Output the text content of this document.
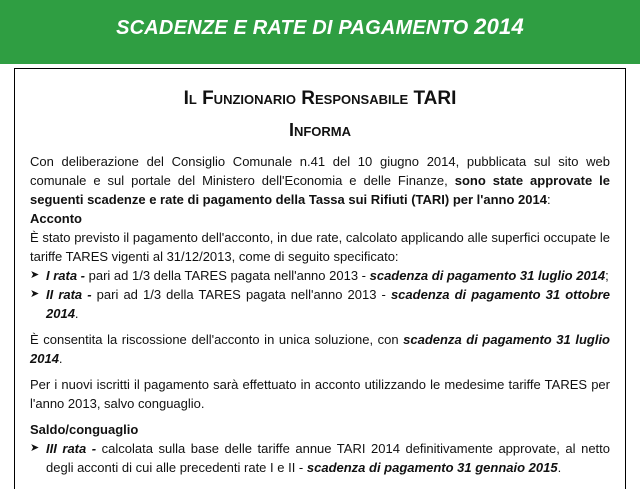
SCADENZE E RATE DI PAGAMENTO 2014
Il Funzionario Responsabile TARI
Informa

Con deliberazione del Consiglio Comunale n.41 del 10 giugno 2014, pubblicata sul sito web comunale e sul portale del Ministero dell'Economia e delle Finanze, sono state approvate le seguenti scadenze e rate di pagamento della Tassa sui Rifiuti (TARI) per l'anno 2014:

Acconto

È stato previsto il pagamento dell'acconto, in due rate, calcolato applicando alle superfici occupate le tariffe TARES vigenti al 31/12/2013, come di seguito specificato:

➤ I rata - pari ad 1/3 della TARES pagata nell'anno 2013 - scadenza di pagamento 31 luglio 2014;

➤ II rata - pari ad 1/3 della TARES pagata nell'anno 2013 - scadenza di pagamento 31 ottobre 2014.

È consentita la riscossione dell'acconto in unica soluzione, con scadenza di pagamento 31 luglio 2014.

Per i nuovi iscritti il pagamento sarà effettuato in acconto utilizzando le medesime tariffe TARES per l'anno 2013, salvo conguaglio.

Saldo/conguaglio

➤ III rata - calcolata sulla base delle tariffe annue TARI 2014 definitivamente approvate, al netto degli acconti di cui alle precedenti rate I e II - scadenza di pagamento 31 gennaio 2015.
